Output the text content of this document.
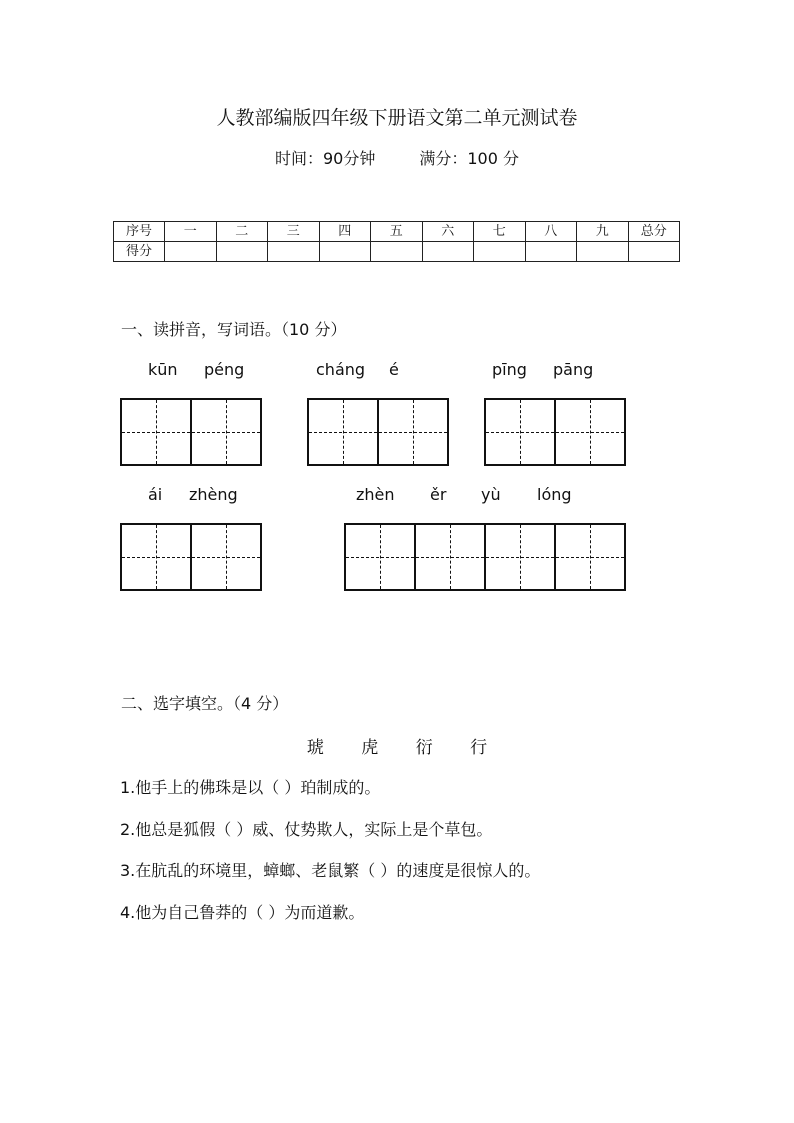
人教部编版四年级下册语文第二单元测试卷
时间：90分钟	满分：100 分
序号	一	二	三	四	五	六	七	八	九	总分
得分										
一、读拼音，写词语。（10 分）
kūn péng	cháng é	pīng pāng
ái zhèng	zhèn ěr yù lóng
二、选字填空。（4 分）
琥 虎 衍 行
1.他手上的佛珠是以（ ）珀制成的。
2.他总是狐假（ ）威、仗势欺人，实际上是个草包。
3.在肮乱的环境里，蟑螂、老鼠繁（ ）的速度是很惊人的。
4.他为自己鲁莽的（ ）为而道歉。
